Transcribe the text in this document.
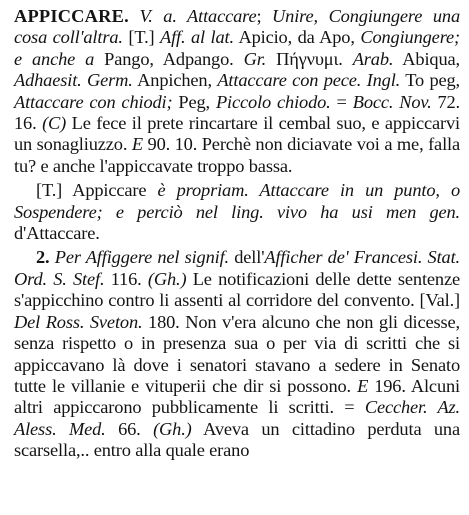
APPICCARE. V. a. Attaccare; Unire, Congiungere una cosa coll'altra. [T.] Aff. al lat. Apicio, da Apo, Congiungere; e anche a Pango, Adpango. Gr. Πήγνυμι. Arab. Abiqua, Adhaesit. Germ. Anpichen, Attaccare con pece. Ingl. To peg, Attaccare con chiodi; Peg, Piccolo chiodo. = Bocc. Nov. 72. 16. (C) Le fece il prete rincartare il cembal suo, e appiccarvi un sonagliuzzo. E 90. 10. Perchè non diciavate voi a me, falla tu? e anche l'appiccavate troppo bassa.

[T.] Appiccare è propriam. Attaccare in un punto, o Sospendere; e perciò nel ling. vivo ha usi men gen. d'Attaccare.

2. Per Affiggere nel signif. dell'Afficher de' Francesi. Stat. Ord. S. Stef. 116. (Gh.) Le notificazioni delle dette sentenze s'appicchino contro li assenti al corridore del convento. [Val.] Del Ross. Sveton. 180. Non v'era alcuno che non gli dicesse, senza rispetto o in presenza sua o per via di scritti che si appiccavano là dove i senatori stavano a sedere in Senato tutte le villanie e vituperii che dir si possono. E 196. Alcuni altri appiccarono pubblicamente li scritti. = Ceccher. Az. Aless. Med. 66. (Gh.) Aveva un cittadino perduta una scarsella,.. entro alla quale erano
